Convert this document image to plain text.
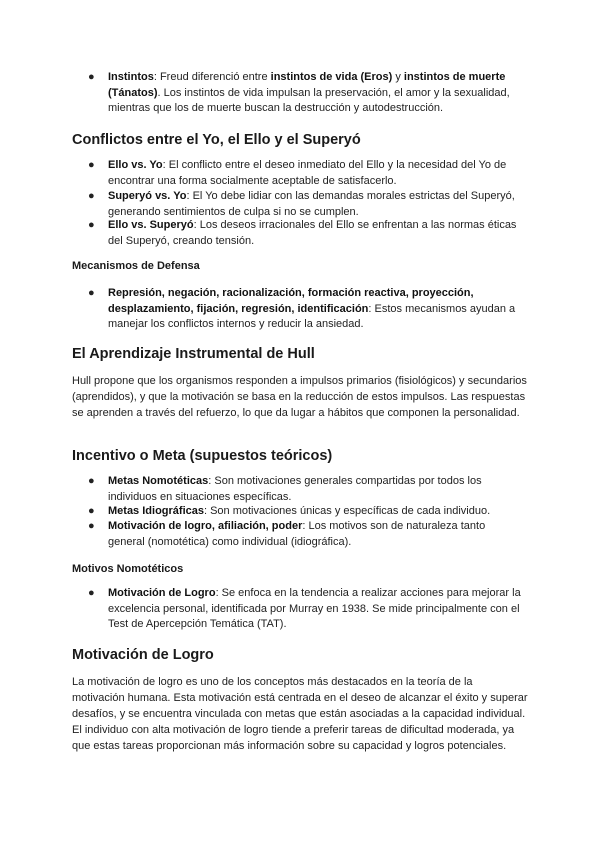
●	Instintos: Freud diferenció entre instintos de vida (Eros) y instintos de muerte (Tánatos). Los instintos de vida impulsan la preservación, el amor y la sexualidad, mientras que los de muerte buscan la destrucción y autodestrucción.
Conflictos entre el Yo, el Ello y el Superyó
●	Ello vs. Yo: El conflicto entre el deseo inmediato del Ello y la necesidad del Yo de encontrar una forma socialmente aceptable de satisfacerlo.
●	Superyó vs. Yo: El Yo debe lidiar con las demandas morales estrictas del Superyó, generando sentimientos de culpa si no se cumplen.
●	Ello vs. Superyó: Los deseos irracionales del Ello se enfrentan a las normas éticas del Superyó, creando tensión.
Mecanismos de Defensa
●	Represión, negación, racionalización, formación reactiva, proyección, desplazamiento, fijación, regresión, identificación: Estos mecanismos ayudan a manejar los conflictos internos y reducir la ansiedad.
El Aprendizaje Instrumental de Hull
Hull propone que los organismos responden a impulsos primarios (fisiológicos) y secundarios (aprendidos), y que la motivación se basa en la reducción de estos impulsos. Las respuestas se aprenden a través del refuerzo, lo que da lugar a hábitos que componen la personalidad.
Incentivo o Meta (supuestos teóricos)
●	Metas Nomotéticas: Son motivaciones generales compartidas por todos los individuos en situaciones específicas.
●	Metas Idiográficas: Son motivaciones únicas y específicas de cada individuo.
●	Motivación de logro, afiliación, poder: Los motivos son de naturaleza tanto general (nomotética) como individual (idiográfica).
Motivos Nomotéticos
●	Motivación de Logro: Se enfoca en la tendencia a realizar acciones para mejorar la excelencia personal, identificada por Murray en 1938. Se mide principalmente con el Test de Apercepción Temática (TAT).
Motivación de Logro
La motivación de logro es uno de los conceptos más destacados en la teoría de la motivación humana. Esta motivación está centrada en el deseo de alcanzar el éxito y superar desafíos, y se encuentra vinculada con metas que están asociadas a la capacidad individual. El individuo con alta motivación de logro tiende a preferir tareas de dificultad moderada, ya que estas tareas proporcionan más información sobre su capacidad y logros potenciales.
